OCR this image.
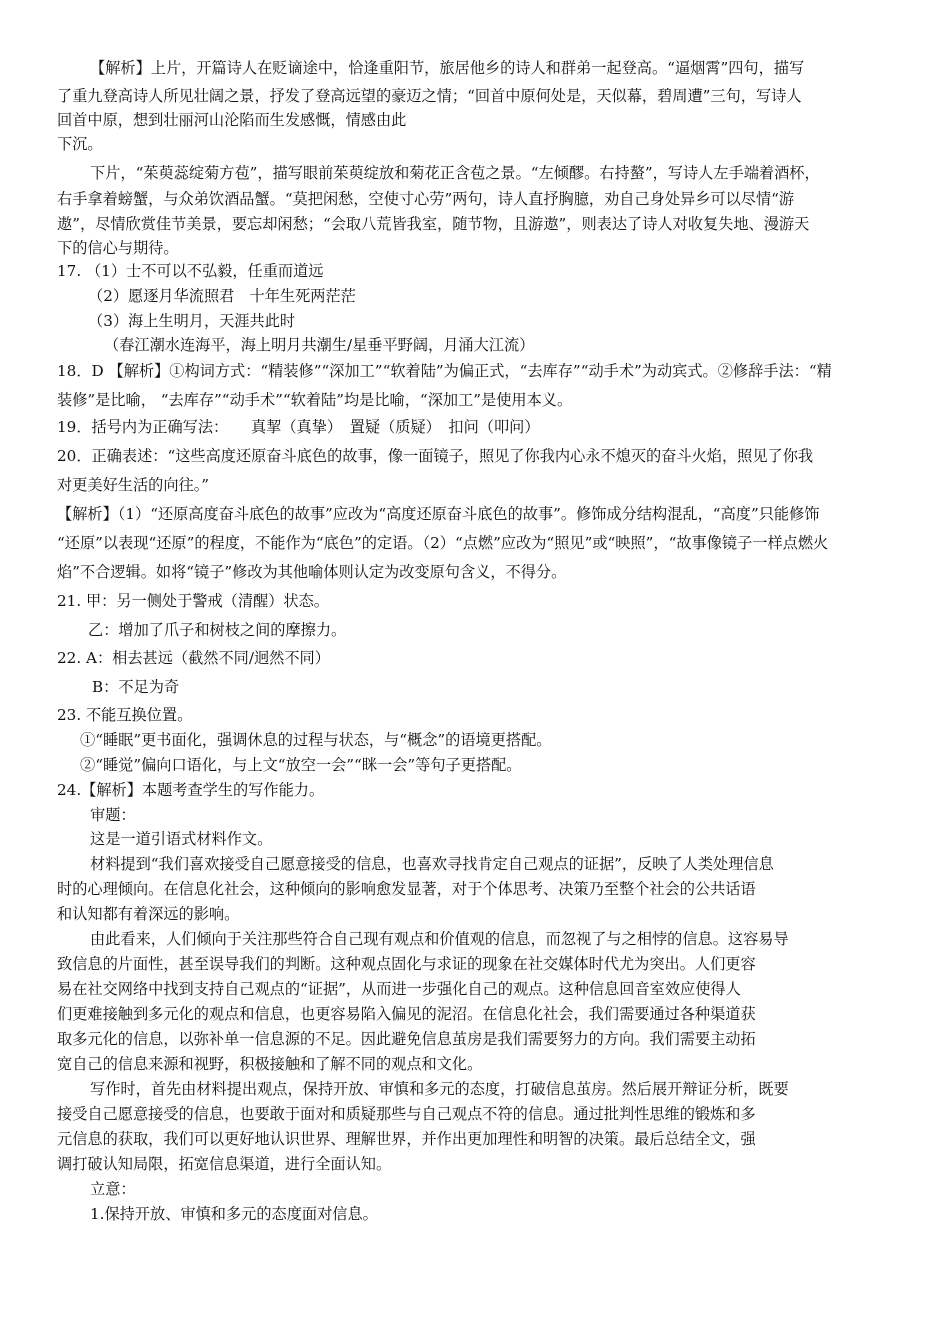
【解析】上片，开篇诗人在贬谪途中，恰逢重阳节，旅居他乡的诗人和群弟一起登高。“逼烟霄”四句，描写
了重九登高诗人所见壮阔之景，抒发了登高远望的豪迈之情；“回首中原何处是，天似幕，碧周遭”三句，写诗人
回首中原，想到壮丽河山沦陷而生发感慨，情感由此
下沉。
下片，“茱萸蕊绽菊方苞”，描写眼前茱萸绽放和菊花正含苞之景。“左倾醪。右持螯”，写诗人左手端着酒杯，
右手拿着螃蟹，与众弟饮酒品蟹。“莫把闲愁，空使寸心劳”两句，诗人直抒胸臆，劝自己身处异乡可以尽情“游
遨”，尽情欣赏佳节美景，要忘却闲愁；“会取八荒皆我室，随节物，且游遨”，则表达了诗人对收复失地、漫游天
下的信心与期待。
17. （1）士不可以不弘毅，任重而道远
（2）愿逐月华流照君　十年生死两茫茫
（3）海上生明月，天涯共此时
（春江潮水连海平，海上明月共潮生/星垂平野阔，月涌大江流）
18．D 【解析】①构词方式：“精装修”“深加工”“软着陆”为偏正式，“去库存”“动手术”为动宾式。②修辞手法：“精
装修”是比喻， “去库存”“动手术”“软着陆”均是比喻，“深加工”是使用本义。
19．括号内为正确写法：　　真挈（真挚）　置疑（质疑）　扣问（叩问）
20．正确表述：“这些高度还原奋斗底色的故事，像一面镜子，照见了你我内心永不熄灭的奋斗火焰，照见了你我
对更美好生活的向往。”
【解析】（1）“还原高度奋斗底色的故事”应改为“高度还原奋斗底色的故事”。修饰成分结构混乱，“高度”只能修饰
“还原”以表现“还原”的程度，不能作为“底色”的定语。（2）“点燃”应改为“照见”或“映照”，“故事像镜子一样点燃火
焰”不合逻辑。如将“镜子”修改为其他喻体则认定为改变原句含义，不得分。
21. 甲：另一侧处于警戒（清醒）状态。
乙：增加了爪子和树枝之间的摩擦力。
22. A：相去甚远（截然不同/迥然不同）
B：不足为奇
23. 不能互换位置。
①“睡眠”更书面化，强调休息的过程与状态，与“概念”的语境更搭配。
②“睡觉”偏向口语化，与上文“放空一会”“眯一会”等句子更搭配。
24.【解析】本题考查学生的写作能力。
审题：
这是一道引语式材料作文。
材料提到“我们喜欢接受自己愿意接受的信息，也喜欢寻找肯定自己观点的证据”，反映了人类处理信息
时的心理倾向。在信息化社会，这种倾向的影响愈发显著，对于个体思考、决策乃至整个社会的公共话语
和认知都有着深远的影响。
由此看来，人们倾向于关注那些符合自己现有观点和价值观的信息，而忽视了与之相悖的信息。这容易导
致信息的片面性，甚至误导我们的判断。这种观点固化与求证的现象在社交媒体时代尤为突出。人们更容
易在社交网络中找到支持自己观点的“证据”，从而进一步强化自己的观点。这种信息回音室效应使得人
们更难接触到多元化的观点和信息，也更容易陷入偏见的泥沼。在信息化社会，我们需要通过各种渠道获
取多元化的信息，以弥补单一信息源的不足。因此避免信息茧房是我们需要努力的方向。我们需要主动拓
宽自己的信息来源和视野，积极接触和了解不同的观点和文化。
写作时，首先由材料提出观点，保持开放、审慎和多元的态度，打破信息茧房。然后展开辩证分析，既要
接受自己愿意接受的信息，也要敢于面对和质疑那些与自己观点不符的信息。通过批判性思维的锻炼和多
元信息的获取，我们可以更好地认识世界、理解世界，并作出更加理性和明智的决策。最后总结全文，强
调打破认知局限，拓宽信息渠道，进行全面认知。
立意：
1.保持开放、审慎和多元的态度面对信息。
